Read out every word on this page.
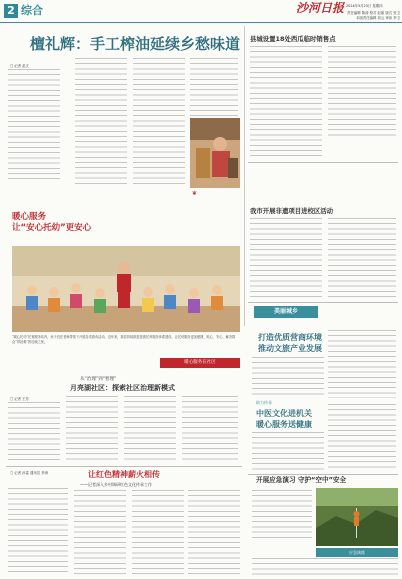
2 综合	沙河日报 2024年5月23日 星期四
责任编辑 陈涛 校对 赵丽 版式 张卫
本版责任编辑 刘云 审读 李卫
檀礼辉：手工榨油延续乡愁味道
□ 记者 赵文
❦
县城设置18处西瓜临时销售点
我市开展非遗项目进校区活动
暖心服务
让“安心托幼”更安心
“暖心托幼”托育服务站内，孩子们在老师带领下开展各类游戏活动。近年来，我县持续推进普惠托育服务体系建设，让托幼服务更加便捷、贴心、安心，解决群众“带娃难”的后顾之忧。
暖心服务在社区
从“治理”到“智理”
月亮湖社区：探索社区治理新模式
□ 记者 王芳
让红色精神薪火相传
——记者深入乡村调研红色文化传承工作
□ 记者 孙雷 通讯员 李涛
美丽城乡
打造优质营商环境
推动文旅产业发展
助力传承
中医文化进机关
暖心服务送健康
开展应急演习 守护“空中”安全
应急演练
